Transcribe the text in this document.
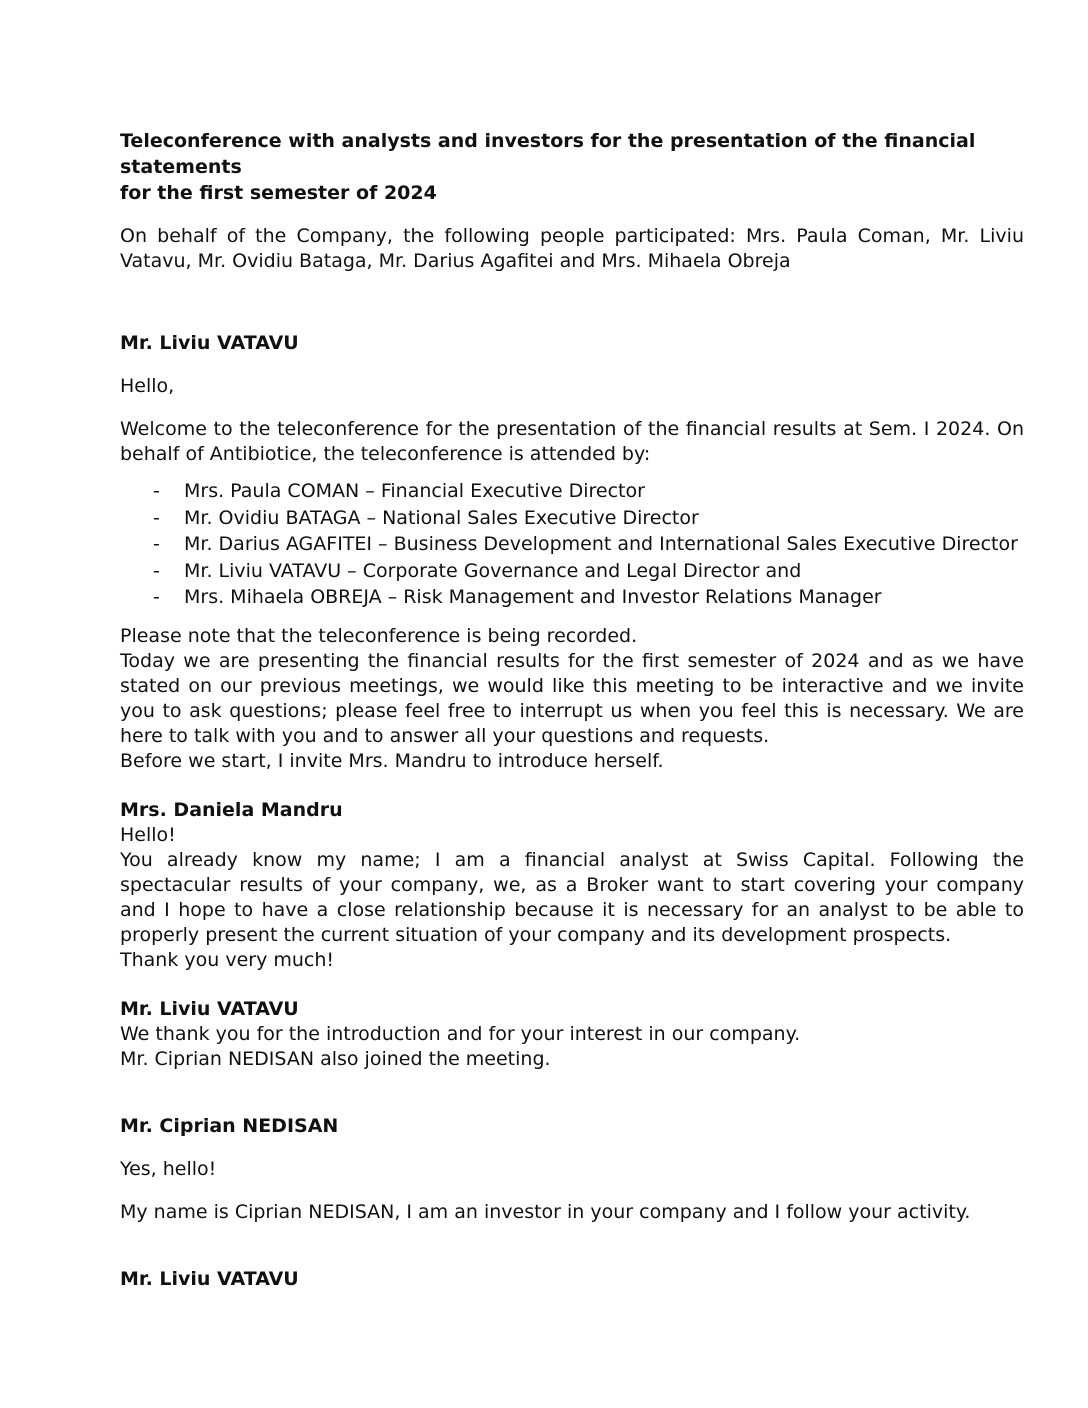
Teleconference with analysts and investors for the presentation of the financial statements
for the first semester of 2024

On behalf of the Company, the following people participated: Mrs. Paula Coman, Mr. Liviu Vatavu, Mr. Ovidiu Bataga, Mr. Darius Agafitei and Mrs. Mihaela Obreja

Mr. Liviu VATAVU

Hello,

Welcome to the teleconference for the presentation of the financial results at Sem. I 2024. On behalf of Antibiotice, the teleconference is attended by:

- Mrs. Paula COMAN – Financial Executive Director
- Mr. Ovidiu BATAGA – National Sales Executive Director
- Mr. Darius AGAFITEI – Business Development and International Sales Executive Director
- Mr. Liviu VATAVU – Corporate Governance and Legal Director and
- Mrs. Mihaela OBREJA – Risk Management and Investor Relations Manager

Please note that the teleconference is being recorded.

Today we are presenting the financial results for the first semester of 2024 and as we have stated on our previous meetings, we would like this meeting to be interactive and we invite you to ask questions; please feel free to interrupt us when you feel this is necessary. We are here to talk with you and to answer all your questions and requests.

Before we start, I invite Mrs. Mandru to introduce herself.

Mrs. Daniela Mandru

Hello!

You already know my name; I am a financial analyst at Swiss Capital. Following the spectacular results of your company, we, as a Broker want to start covering your company and I hope to have a close relationship because it is necessary for an analyst to be able to properly present the current situation of your company and its development prospects.

Thank you very much!

Mr. Liviu VATAVU

We thank you for the introduction and for your interest in our company.

Mr. Ciprian NEDISAN also joined the meeting.

Mr. Ciprian NEDISAN

Yes, hello!

My name is Ciprian NEDISAN, I am an investor in your company and I follow your activity.

Mr. Liviu VATAVU
